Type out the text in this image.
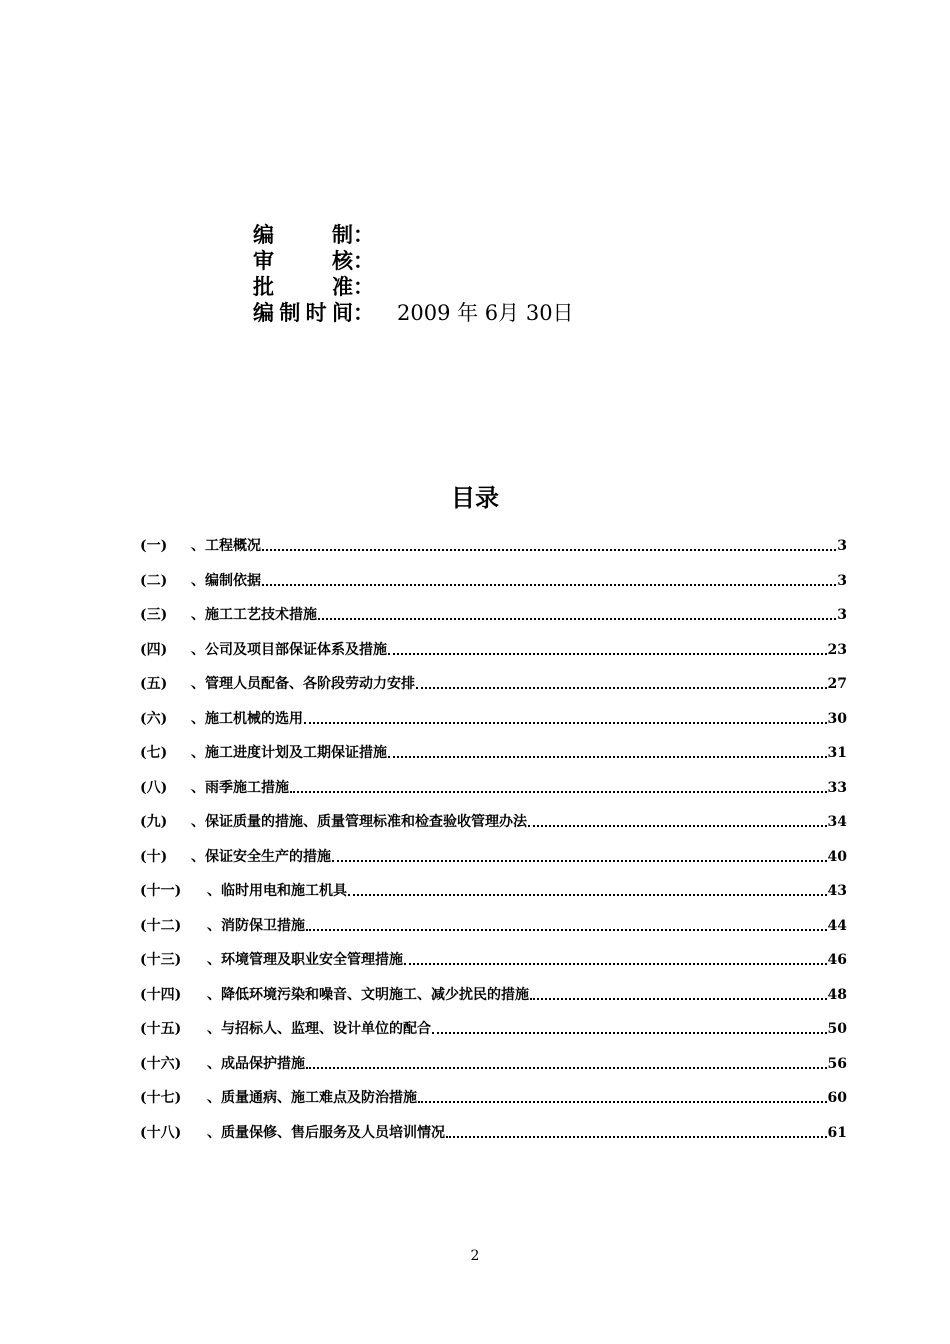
编　制 ：
审　核 ：
批　准 ：
编制时间 ： 2009 年 6月 30日
目录
(一)	、工程概况	3
(二)	、编制依据	3
(三)	、施工工艺技术措施	3
(四)	、公司及项目部保证体系及措施	23
(五)	、管理人员配备、各阶段劳动力安排	27
(六)	、施工机械的选用	30
(七)	、施工进度计划及工期保证措施	31
(八)	、雨季施工措施	33
(九)	、保证质量的措施、质量管理标准和检查验收管理办法	34
(十)	、保证安全生产的措施	40
(十一)	、临时用电和施工机具	43
(十二)	、消防保卫措施	44
(十三)	、环境管理及职业安全管理措施	46
(十四)	、降低环境污染和噪音、文明施工、减少扰民的措施	48
(十五)	、与招标人、监理、设计单位的配合	50
(十六)	、成品保护措施	56
(十七)	、质量通病、施工难点及防治措施	60
(十八)	、质量保修、售后服务及人员培训情况	61
2
